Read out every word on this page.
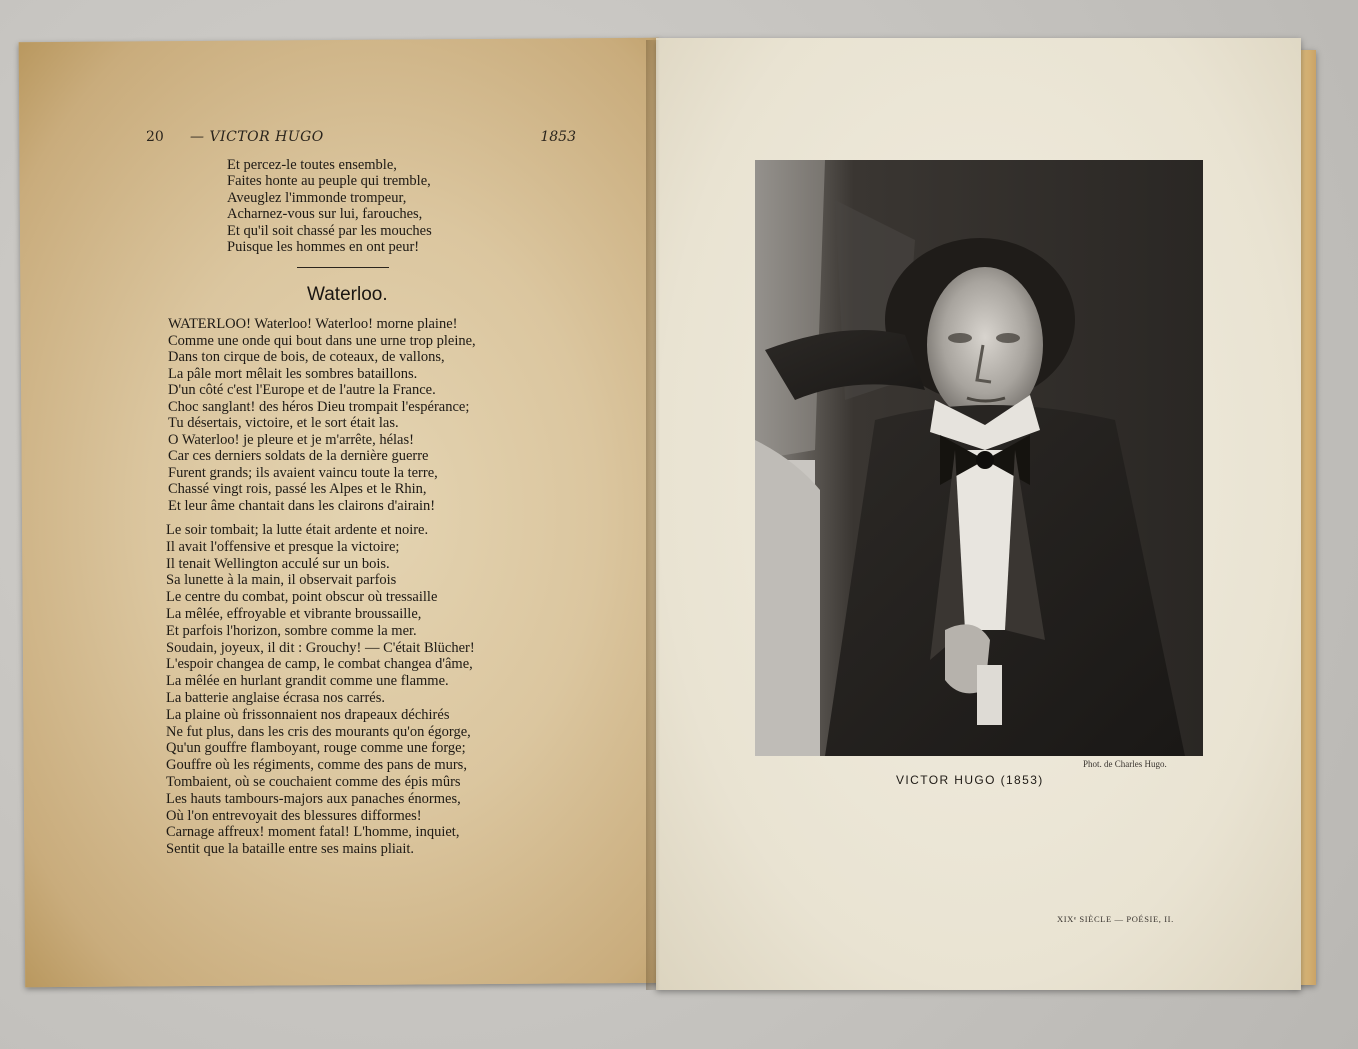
20 — VICTOR HUGO	1853
Et percez-le toutes ensemble,
Faites honte au peuple qui tremble,
Aveuglez l'immonde trompeur,
Acharnez-vous sur lui, farouches,
Et qu'il soit chassé par les mouches
Puisque les hommes en ont peur!
Waterloo.
WATERLOO! Waterloo! Waterloo! morne plaine!
Comme une onde qui bout dans une urne trop pleine,
Dans ton cirque de bois, de coteaux, de vallons,
La pâle mort mêlait les sombres bataillons.
D'un côté c'est l'Europe et de l'autre la France.
Choc sanglant! des héros Dieu trompait l'espérance;
Tu désertais, victoire, et le sort était las.
O Waterloo! je pleure et je m'arrête, hélas!
Car ces derniers soldats de la dernière guerre
Furent grands; ils avaient vaincu toute la terre,
Chassé vingt rois, passé les Alpes et le Rhin,
Et leur âme chantait dans les clairons d'airain!
Le soir tombait; la lutte était ardente et noire.
Il avait l'offensive et presque la victoire;
Il tenait Wellington acculé sur un bois.
Sa lunette à la main, il observait parfois
Le centre du combat, point obscur où tressaille
La mêlée, effroyable et vibrante broussaille,
Et parfois l'horizon, sombre comme la mer.
Soudain, joyeux, il dit : Grouchy! — C'était Blücher!
L'espoir changea de camp, le combat changea d'âme,
La mêlée en hurlant grandit comme une flamme.
La batterie anglaise écrasa nos carrés.
La plaine où frissonnaient nos drapeaux déchirés
Ne fut plus, dans les cris des mourants qu'on égorge,
Qu'un gouffre flamboyant, rouge comme une forge;
Gouffre où les régiments, comme des pans de murs,
Tombaient, où se couchaient comme des épis mûrs
Les hauts tambours-majors aux panaches énormes,
Où l'on entrevoyait des blessures difformes!
Carnage affreux! moment fatal! L'homme, inquiet,
Sentit que la bataille entre ses mains pliait.
Phot. de Charles Hugo.
VICTOR HUGO (1853)
XIXᵉ SIÈCLE — POÉSIE, II.
